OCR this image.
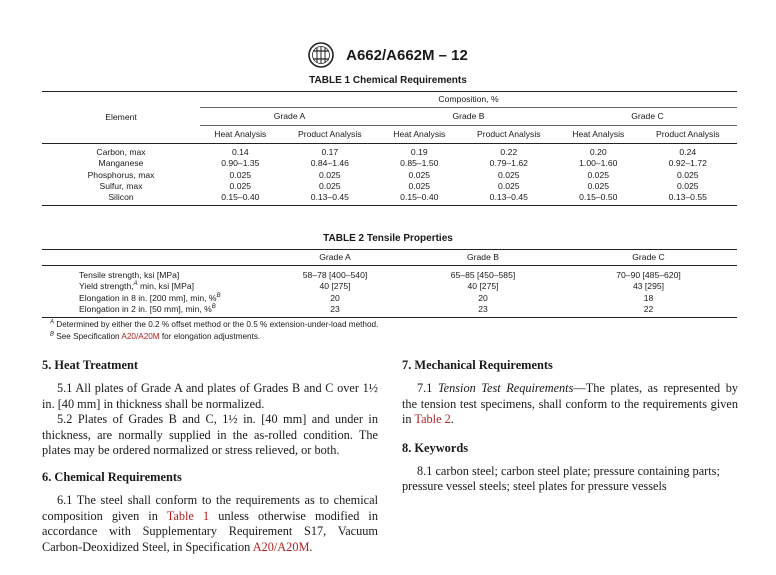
A662/A662M – 12
TABLE 1 Chemical Requirements
Element	Composition, %					
	Grade A		Grade B		Grade C	
	Heat Analysis	Product Analysis	Heat Analysis	Product Analysis	Heat Analysis	Product Analysis
Carbon, max	0.14	0.17	0.19	0.22	0.20	0.24
Manganese	0.90–1.35	0.84–1.46	0.85–1.50	0.79–1.62	1.00–1.60	0.92–1.72
Phosphorus, max	0.025	0.025	0.025	0.025	0.025	0.025
Sulfur, max	0.025	0.025	0.025	0.025	0.025	0.025
Silicon	0.15–0.40	0.13–0.45	0.15–0.40	0.13–0.45	0.15–0.50	0.13–0.55
TABLE 2 Tensile Properties
	Grade A	Grade B	Grade C
Tensile strength, ksi [MPa]	58–78 [400–540]	65–85 [450–585]	70–90 [485–620]
Yield strength,$^A$ min, ksi [MPa]	40 [275]	40 [275]	43 [295]
Elongation in 8 in. [200 mm], min, %$^B$	20	20	18
Elongation in 2 in. [50 mm], min, %$^B$	23	23	22
$^A$ Determined by either the 0.2 % offset method or the 0.5 % extension-under-load method.
$^B$ See Specification A20/A20M for elongation adjustments.
5. Heat Treatment

5.1 All plates of Grade A and plates of Grades B and C over 1½ in. [40 mm] in thickness shall be normalized.

5.2 Plates of Grades B and C, 1½ in. [40 mm] and under in thickness, are normally supplied in the as-rolled condition. The plates may be ordered normalized or stress relieved, or both.

6. Chemical Requirements

6.1 The steel shall conform to the requirements as to chemical composition given in Table 1 unless otherwise modified in accordance with Supplementary Requirement S17, Vacuum Carbon-Deoxidized Steel, in Specification A20/A20M.

7. Mechanical Requirements

7.1 Tension Test Requirements—The plates, as represented by the tension test specimens, shall conform to the requirements given in Table 2.

8. Keywords

8.1 carbon steel; carbon steel plate; pressure containing parts; pressure vessel steels; steel plates for pressure vessels
